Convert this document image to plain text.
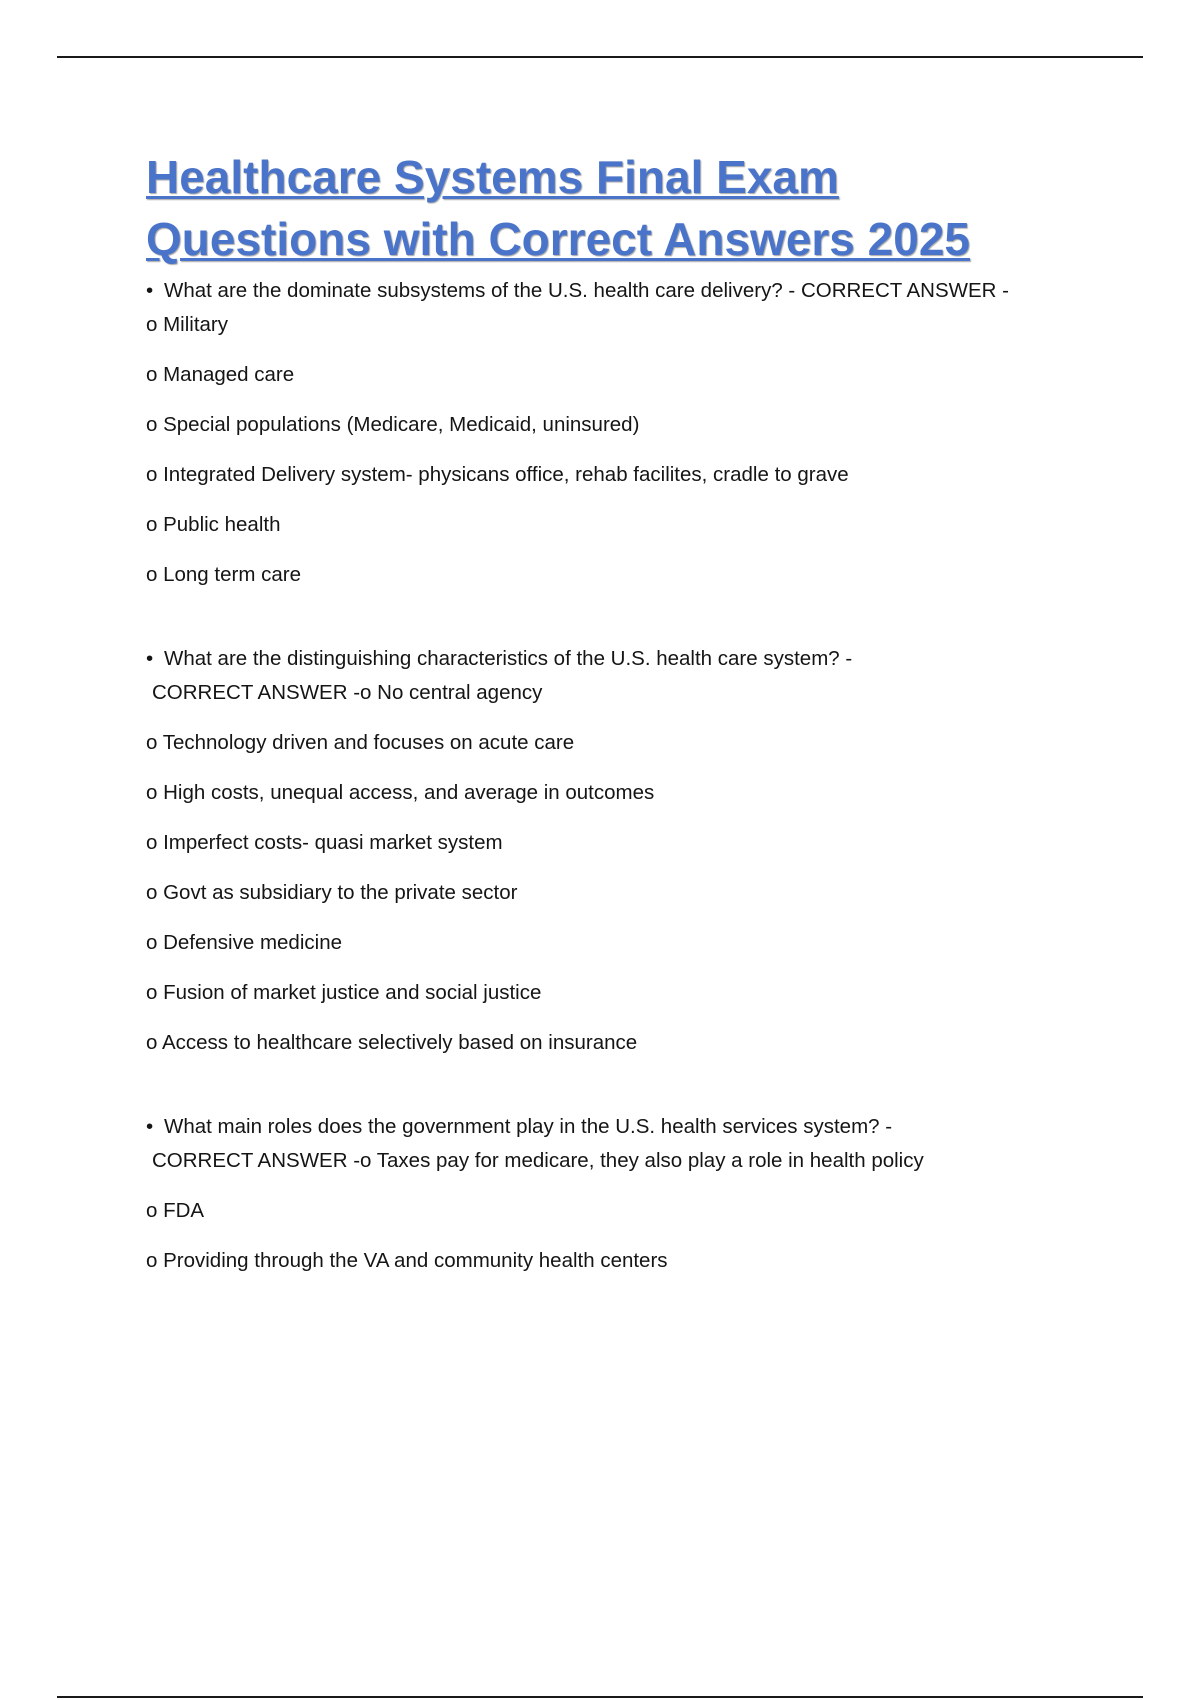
Healthcare Systems Final Exam
Questions with Correct Answers 2025
• What are the dominate subsystems of the U.S. health care delivery? - CORRECT ANSWER -
o Military
o Managed care
o Special populations (Medicare, Medicaid, uninsured)
o Integrated Delivery system- physicans office, rehab facilites, cradle to grave
o Public health
o Long term care
• What are the distinguishing characteristics of the U.S. health care system? -
CORRECT ANSWER -o No central agency
o Technology driven and focuses on acute care
o High costs, unequal access, and average in outcomes
o Imperfect costs- quasi market system
o Govt as subsidiary to the private sector
o Defensive medicine
o Fusion of market justice and social justice
o Access to healthcare selectively based on insurance
• What main roles does the government play in the U.S. health services system? -
CORRECT ANSWER -o Taxes pay for medicare, they also play a role in health policy
o FDA
o Providing through the VA and community health centers
